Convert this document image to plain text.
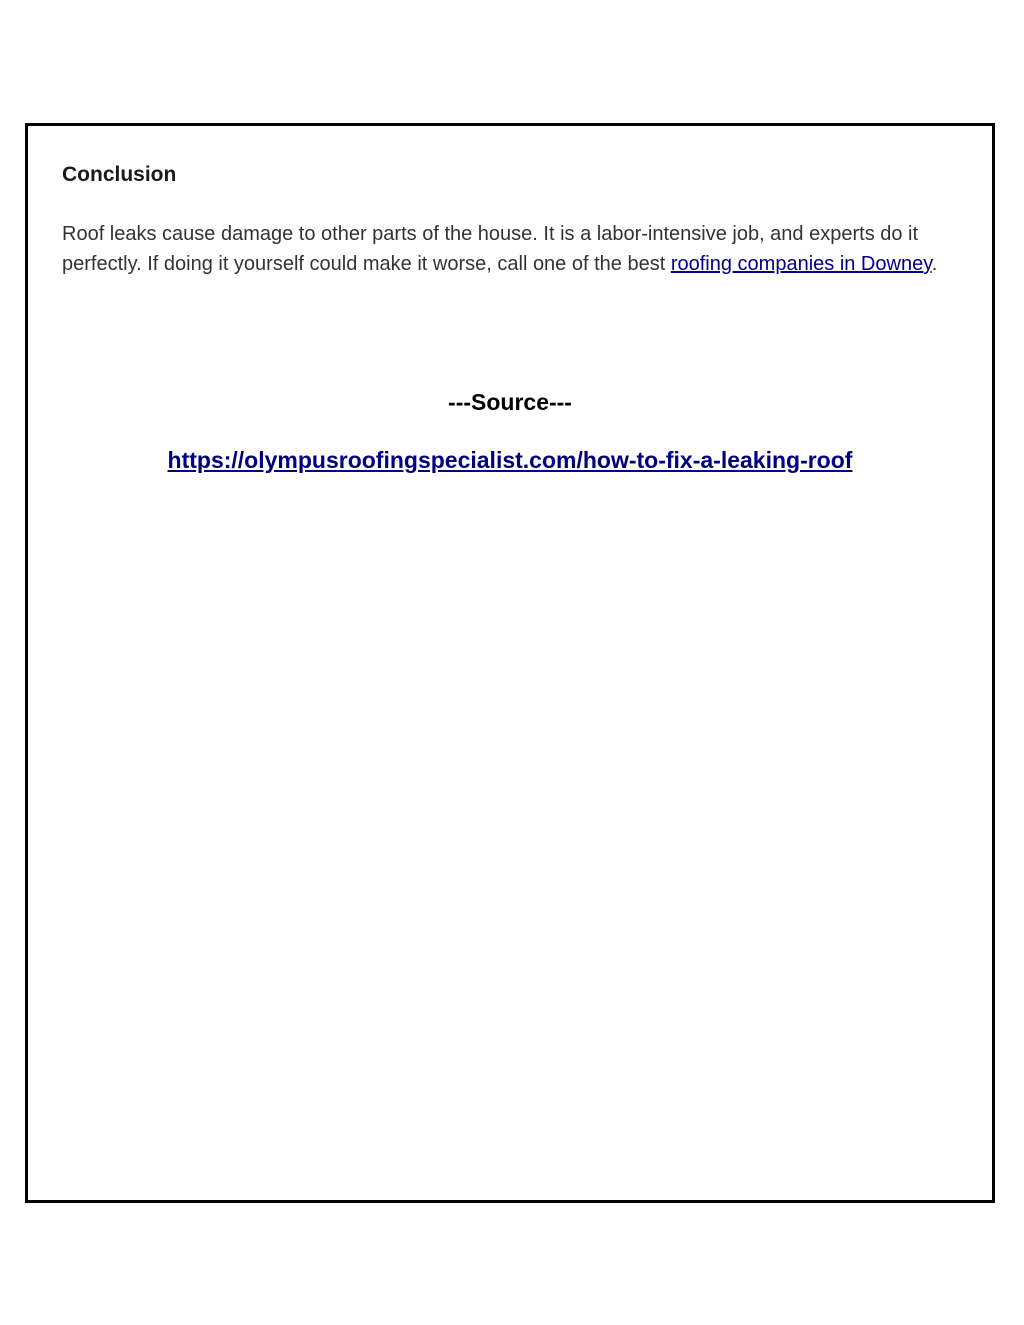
Conclusion

Roof leaks cause damage to other parts of the house. It is a labor-intensive job, and experts do it perfectly. If doing it yourself could make it worse, call one of the best roofing companies in Downey.

---Source---

https://olympusroofingspecialist.com/how-to-fix-a-leaking-roof
